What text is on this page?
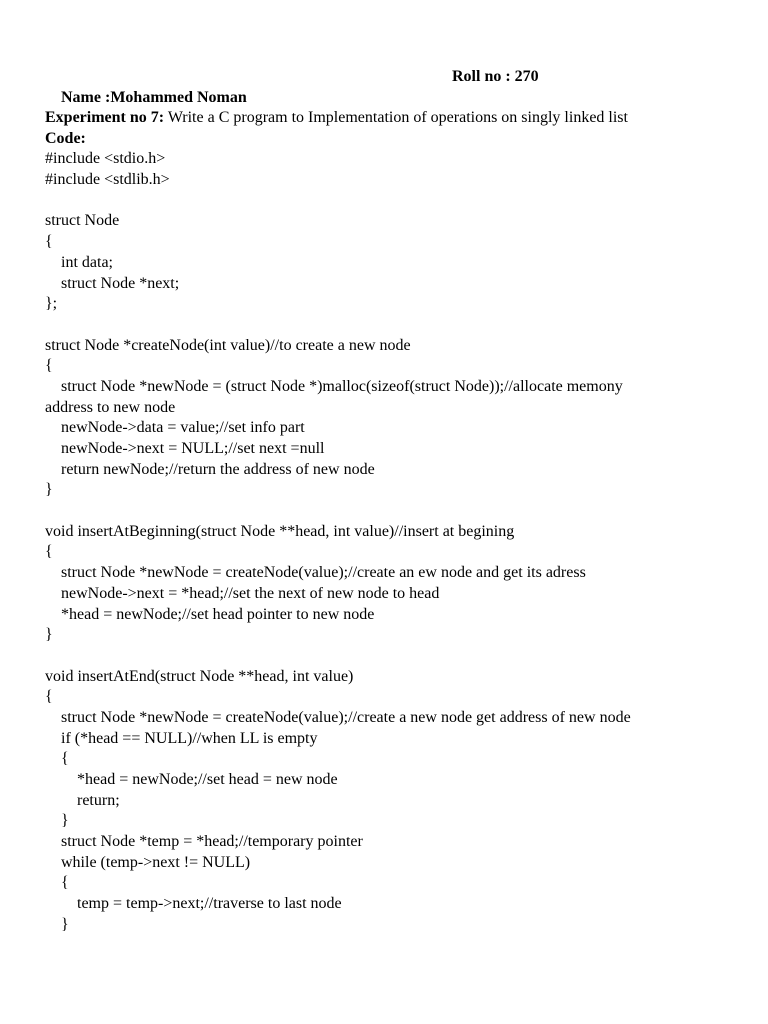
Name :Mohammed Noman

Roll no : 270

Experiment no 7: Write a C program to Implementation of operations on singly linked list
Code:
#include <stdio.h>
#include <stdlib.h>
struct Node
{
int data;
struct Node *next;
};
struct Node *createNode(int value)//to create a new node
{
struct Node *newNode = (struct Node *)malloc(sizeof(struct Node));//allocate memony
address to new node
newNode->data = value;//set info part
newNode->next = NULL;//set next =null
return newNode;//return the address of new node
}
void insertAtBeginning(struct Node **head, int value)//insert at begining
{
struct Node *newNode = createNode(value);//create an ew node and get its adress
newNode->next = *head;//set the next of new node to head
*head = newNode;//set head pointer to new node
}
void insertAtEnd(struct Node **head, int value)
{
struct Node *newNode = createNode(value);//create a new node get address of new node
if (*head == NULL)//when LL is empty
{
*head = newNode;//set head = new node
return;
}
struct Node *temp = *head;//temporary pointer
while (temp->next != NULL)
{
temp = temp->next;//traverse to last node
}
